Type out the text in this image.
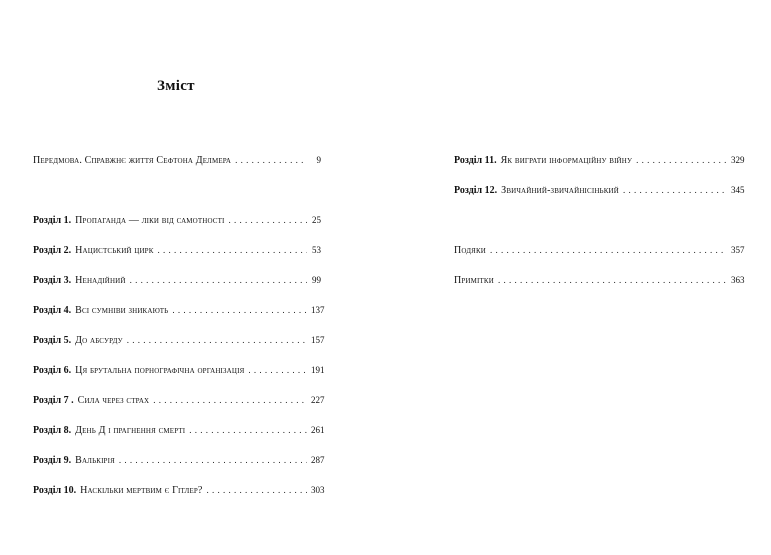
Зміст
Передмова. Справжнє життя Сефтона Делмера . . .	9
Розділ 1. Пропаганда — ліки від самотності . . .	25
Розділ 2. Нацистський цирк . . .	53
Розділ 3. Ненадійний . . .	99
Розділ 4. Всі сумніви зникають . . .	137
Розділ 5. До абсурду . . .	157
Розділ 6. Ця брутальна порнографічна організація . . .	191
Розділ 7 . Сила через страх . . .	227
Розділ 8. День Д і прагнення смерті . . .	261
Розділ 9. Валькірія . . .	287
Розділ 10. Наскільки мертвим є Гітлер? . . .	303
Розділ 11. Як виграти інформаційну війну . . .	329
Розділ 12. Звичайний-звичайнісінький . . .	345
Подяки . . .	357
Примітки . . .	363
